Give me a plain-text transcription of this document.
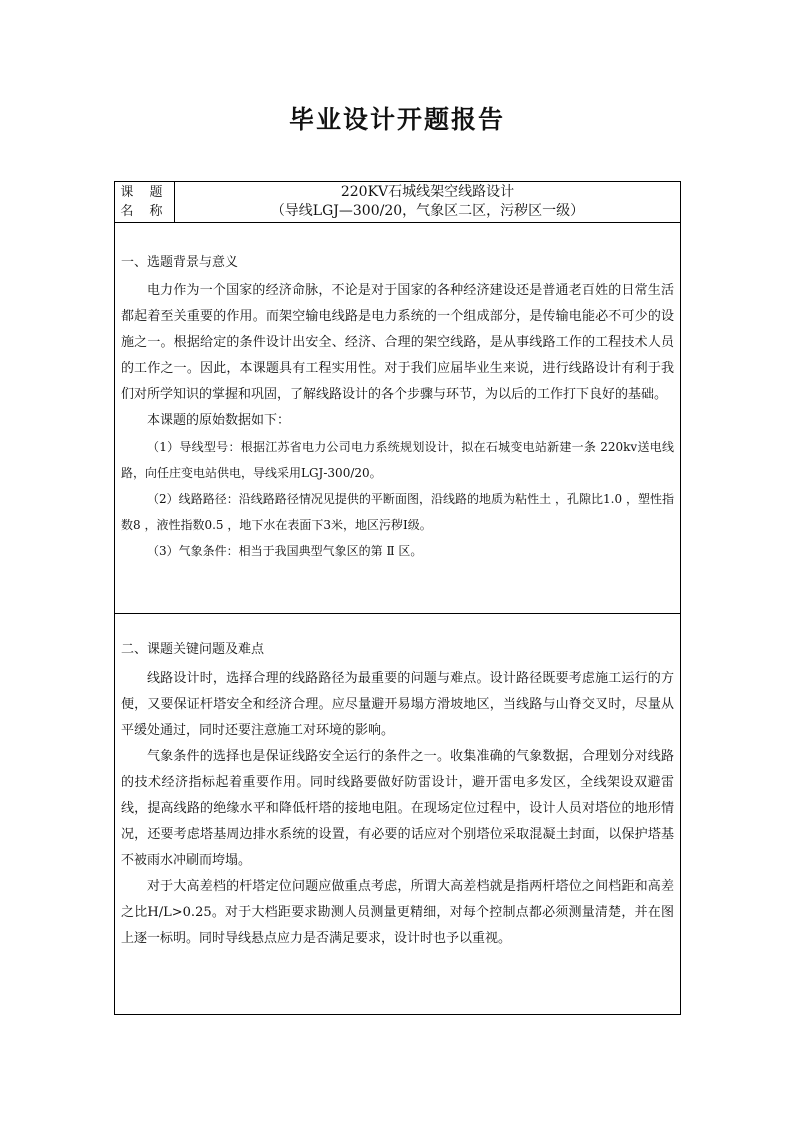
毕业设计开题报告
课 题
名 称

220KV石城线架空线路设计
（导线LGJ—300/20，气象区二区，污秽区一级）

一、选题背景与意义

电力作为一个国家的经济命脉，不论是对于国家的各种经济建设还是普通老百姓的日常生活都起着至关重要的作用。而架空输电线路是电力系统的一个组成部分，是传输电能必不可少的设施之一。根据给定的条件设计出安全、经济、合理的架空线路，是从事线路工作的工程技术人员的工作之一。因此，本课题具有工程实用性。对于我们应届毕业生来说，进行线路设计有利于我们对所学知识的掌握和巩固，了解线路设计的各个步骤与环节，为以后的工作打下良好的基础。

本课题的原始数据如下：

（1）导线型号：根据江苏省电力公司电力系统规划设计，拟在石城变电站新建一条 220kv送电线路，向任庄变电站供电，导线采用LGJ-300/20。

（2）线路路径：沿线路路径情况见提供的平断面图，沿线路的地质为粘性土 ，孔隙比1.0 ，塑性指数8 ，液性指数0.5 ，地下水在表面下3米，地区污秽Ⅰ级。

（3）气象条件：相当于我国典型气象区的第 Ⅱ 区。

二、课题关键问题及难点

线路设计时，选择合理的线路路径为最重要的问题与难点。设计路径既要考虑施工运行的方便，又要保证杆塔安全和经济合理。应尽量避开易塌方滑坡地区，当线路与山脊交叉时，尽量从平缓处通过，同时还要注意施工对环境的影响。

气象条件的选择也是保证线路安全运行的条件之一。收集准确的气象数据，合理划分对线路的技术经济指标起着重要作用。同时线路要做好防雷设计，避开雷电多发区，全线架设双避雷线，提高线路的绝缘水平和降低杆塔的接地电阻。在现场定位过程中，设计人员对塔位的地形情况，还要考虑塔基周边排水系统的设置，有必要的话应对个别塔位采取混凝土封面，以保护塔基不被雨水冲刷而垮塌。

对于大高差档的杆塔定位问题应做重点考虑，所谓大高差档就是指两杆塔位之间档距和高差之比H/L>0.25。对于大档距要求勘测人员测量更精细，对每个控制点都必须测量清楚，并在图上逐一标明。同时导线悬点应力是否满足要求，设计时也予以重视。
